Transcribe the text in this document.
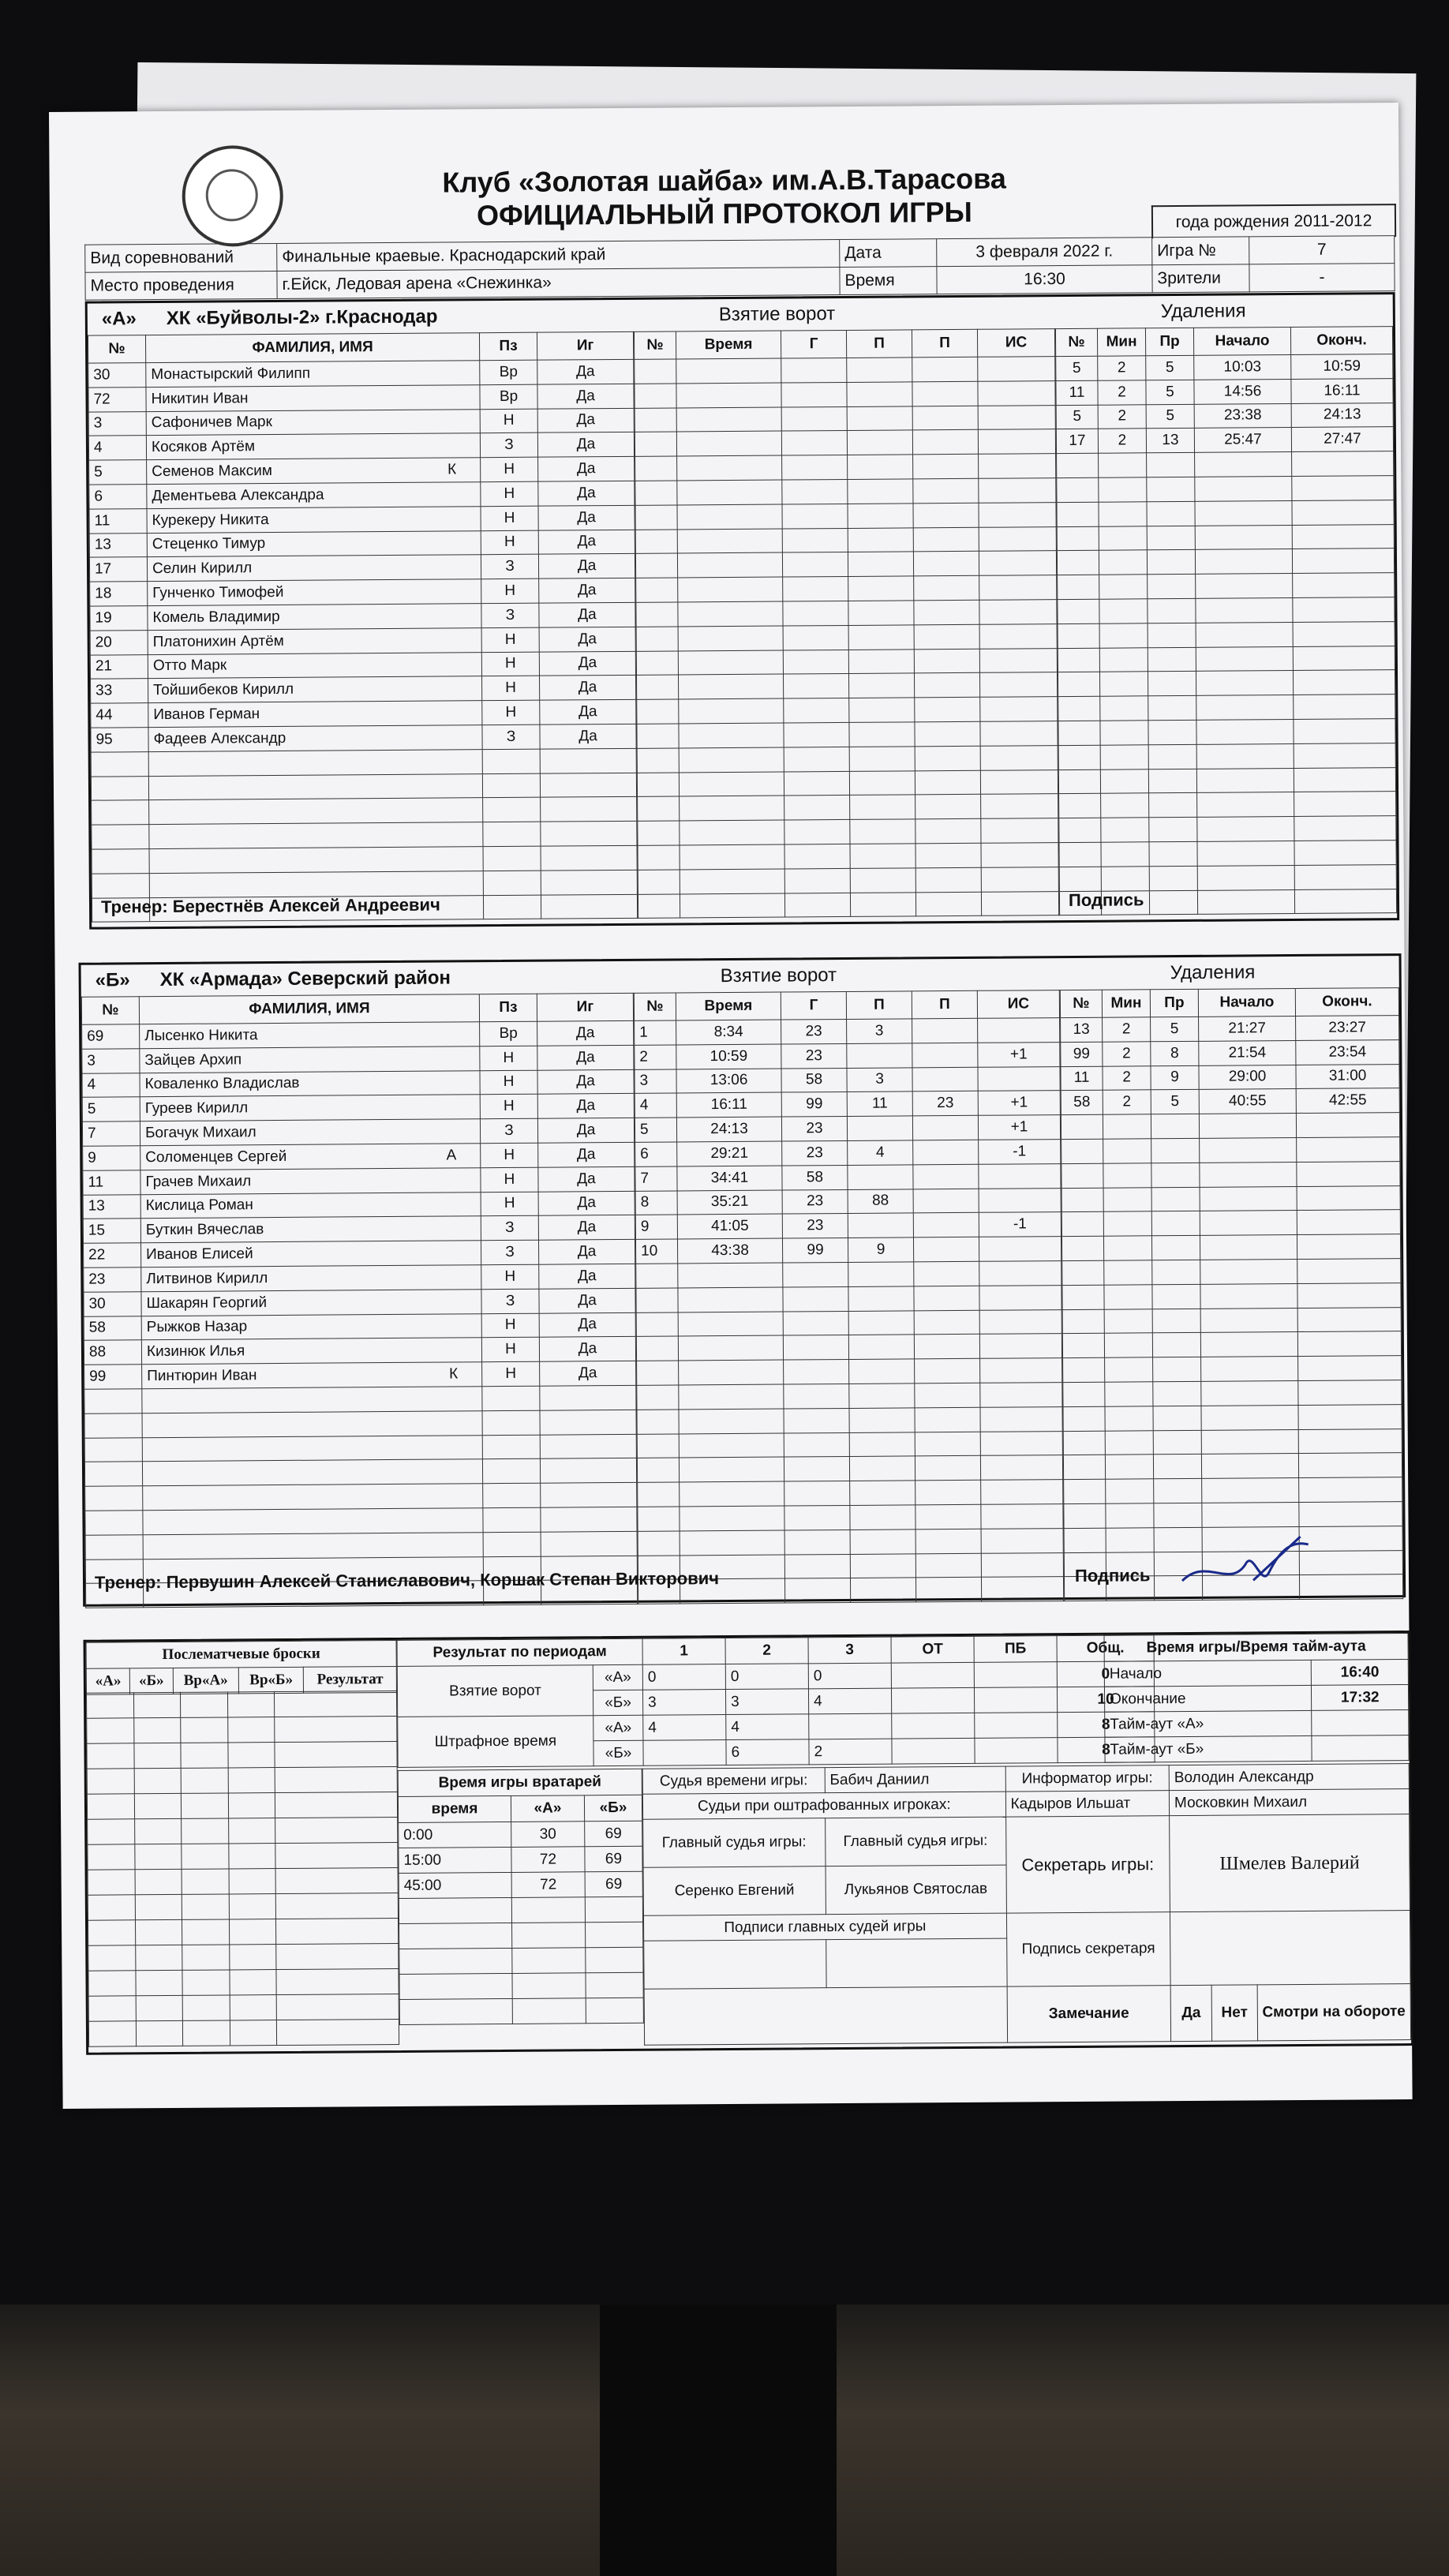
Клуб «Золотая шайба» им.А.В.Тарасова
ОФИЦИАЛЬНЫЙ ПРОТОКОЛ ИГРЫ	года рождения 2011-2012
Вид соревнований	Финальные краевые. Краснодарский край	Дата	3 февраля 2022 г.	Игра №	7
Место проведения	г.Ейск, Ледовая арена «Снежинка»	Время	16:30	Зрители	-
«А» ХК «Буйволы-2» г.Краснодар	Взятие ворот	Удаления
№	ФАМИЛИЯ, ИМЯ	Пз	Иг
30	Монастырский Филипп	Вр	Да
72	Никитин Иван	Вр	Да
3	Сафоничев Марк	Н	Да
4	Косяков Артём	З	Да
5	Семенов Максим К	Н	Да
6	Дементьева Александра	Н	Да
11	Курекеру Никита	Н	Да
13	Стеценко Тимур	Н	Да
17	Селин Кирилл	З	Да
18	Гунченко Тимофей	Н	Да
19	Комель Владимир	З	Да
20	Платонихин Артём	Н	Да
21	Отто Марк	Н	Да
33	Тойшибеков Кирилл	Н	Да
44	Иванов Герман	Н	Да
95	Фадеев Александр	З	Да

№	Время	Г	П	П	ИС

						№	Мин	Пр	Начало	Оконч.
5	2	5	10:03	10:59
11	2	5	14:56	16:11
5	2	5	23:38	24:13
17	2	13	25:47	27:47

Тренер: Берестнёв Алексей Андреевич	Подпись
«Б» ХК «Армада» Северский район	Взятие ворот	Удаления
№	ФАМИЛИЯ, ИМЯ	Пз	Иг
69	Лысенко Никита	Вр	Да
3	Зайцев Архип	Н	Да
4	Коваленко Владислав	Н	Да
5	Гуреев Кирилл	Н	Да
7	Богачук Михаил	З	Да
9	Соломенцев Сергей А	Н	Да
11	Грачев Михаил	Н	Да
13	Кислица Роман	Н	Да
15	Буткин Вячеслав	З	Да
22	Иванов Елисей	З	Да
23	Литвинов Кирилл	Н	Да
30	Шакарян Георгий	З	Да
58	Рыжков Назар	Н	Да
88	Кизинюк Илья	Н	Да
99	Пинтюрин Иван К	Н	Да

№	Время	Г	П	П	ИС
1	8:34	23	3		
2	10:59	23			+1
3	13:06	58	3		
4	16:11	99	11	23	+1
5	24:13	23			+1
6	29:21	23	4		-1
7	34:41	58			
8	35:21	23	88		
9	41:05	23			-1
10	43:38	99	9		

№	Мин	Пр	Начало	Оконч.
13	2	5	21:27	23:27
99	2	8	21:54	23:54
11	2	9	29:00	31:00
58	2	5	40:55	42:55

Тренер: Первушин Алексей Станиславович, Коршак Степан Викторович	Подпись
Послематчевые броски
«А»	«Б»	Вр«А»	Вр«Б»	Результат

Результат по периодам		1	2	3	ОТ	ПБ	Общ.
Взятие ворот	«А»	0	0	0			0
	«Б»	3	3	4			10
Штрафное время	«А»	4	4				8
	«Б»		6	2			8
Время игры/Время тайм-аута	
Начало	16:40
Окончание	17:32
Тайм-аут «А»	
Тайм-аут «Б»	
Время игры вратарей		
время	«А»	«Б»
0:00	30	69
15:00	72	69
45:00	72	69

Судья времени игры:	Бабич Даниил	Информатор игры:	Володин Александр		
Судьи при оштрафованных игроках:		Кадыров Ильшат	Московкин Михаил		
Главный судья игры:	Главный судья игры:	Секретарь игры:	Шмелев Валерий		
Серенко Евгений	Лукьянов Святослав				
Подписи главных судей игры		Подпись секретаря			

		Замечание	Да	Нет	Смотри на обороте
